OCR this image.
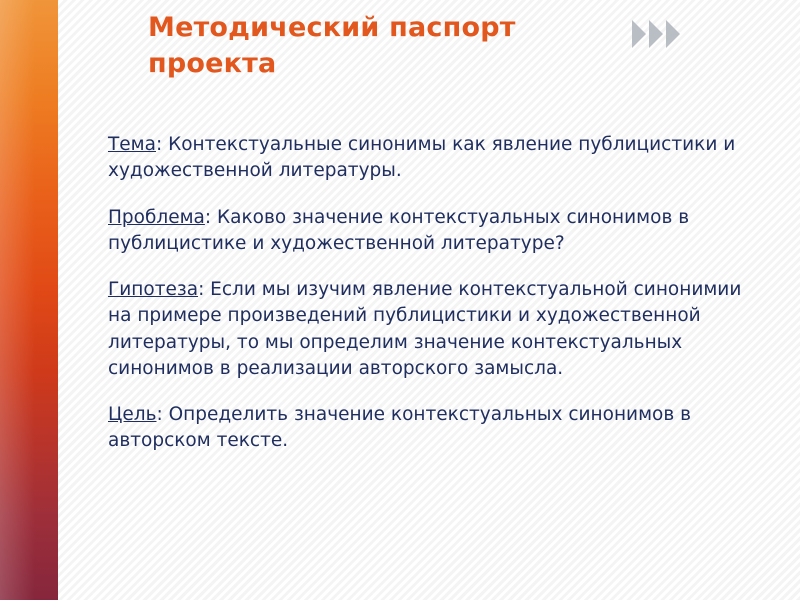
Методический паспорт проекта

Тема: Контекстуальные синонимы как явление публицистики и художественной литературы.

Проблема: Каково значение контекстуальных синонимов в публицистике и художественной литературе?

Гипотеза: Если мы изучим явление контекстуальной синонимии на примере произведений публицистики и художественной литературы, то мы определим значение контекстуальных синонимов в реализации авторского замысла.

Цель: Определить значение контекстуальных синонимов в авторском тексте.
